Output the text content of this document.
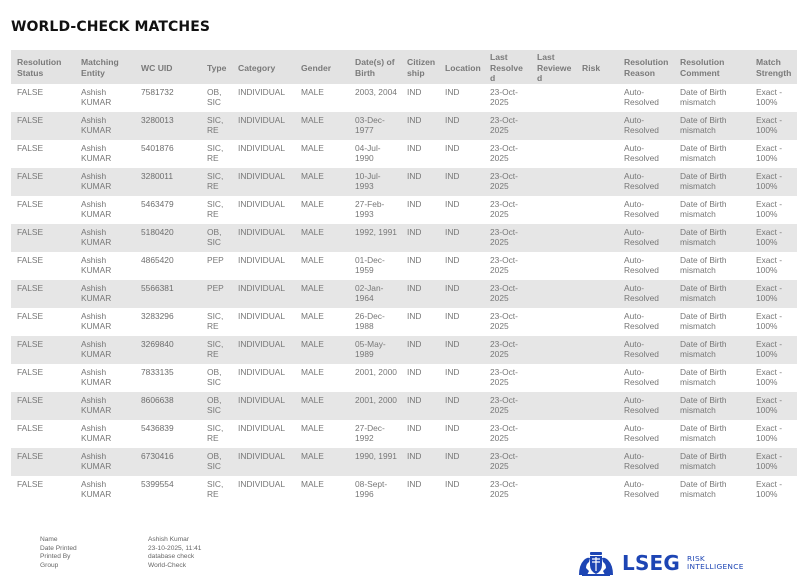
WORLD-CHECK MATCHES
Resolution Status	Matching Entity	WC UID	Type	Category	Gender	Date(s) of Birth	Citizenship	Location	Last Resolved	Last Reviewed	Risk	Resolution Reason	Resolution Comment	Match Strength
FALSE	Ashish KUMAR	7581732	OB, SIC	INDIVIDUAL	MALE	2003, 2004	IND	IND	23-Oct-2025			Auto-Resolved	Date of Birth mismatch	Exact - 100%
FALSE	Ashish KUMAR	3280013	SIC, RE	INDIVIDUAL	MALE	03-Dec-1977	IND	IND	23-Oct-2025			Auto-Resolved	Date of Birth mismatch	Exact - 100%
FALSE	Ashish KUMAR	5401876	SIC, RE	INDIVIDUAL	MALE	04-Jul-1990	IND	IND	23-Oct-2025			Auto-Resolved	Date of Birth mismatch	Exact - 100%
FALSE	Ashish KUMAR	3280011	SIC, RE	INDIVIDUAL	MALE	10-Jul-1993	IND	IND	23-Oct-2025			Auto-Resolved	Date of Birth mismatch	Exact - 100%
FALSE	Ashish KUMAR	5463479	SIC, RE	INDIVIDUAL	MALE	27-Feb-1993	IND	IND	23-Oct-2025			Auto-Resolved	Date of Birth mismatch	Exact - 100%
FALSE	Ashish KUMAR	5180420	OB, SIC	INDIVIDUAL	MALE	1992, 1991	IND	IND	23-Oct-2025			Auto-Resolved	Date of Birth mismatch	Exact - 100%
FALSE	Ashish KUMAR	4865420	PEP	INDIVIDUAL	MALE	01-Dec-1959	IND	IND	23-Oct-2025			Auto-Resolved	Date of Birth mismatch	Exact - 100%
FALSE	Ashish KUMAR	5566381	PEP	INDIVIDUAL	MALE	02-Jan-1964	IND	IND	23-Oct-2025			Auto-Resolved	Date of Birth mismatch	Exact - 100%
FALSE	Ashish KUMAR	3283296	SIC, RE	INDIVIDUAL	MALE	26-Dec-1988	IND	IND	23-Oct-2025			Auto-Resolved	Date of Birth mismatch	Exact - 100%
FALSE	Ashish KUMAR	3269840	SIC, RE	INDIVIDUAL	MALE	05-May-1989	IND	IND	23-Oct-2025			Auto-Resolved	Date of Birth mismatch	Exact - 100%
FALSE	Ashish KUMAR	7833135	OB, SIC	INDIVIDUAL	MALE	2001, 2000	IND	IND	23-Oct-2025			Auto-Resolved	Date of Birth mismatch	Exact - 100%
FALSE	Ashish KUMAR	8606638	OB, SIC	INDIVIDUAL	MALE	2001, 2000	IND	IND	23-Oct-2025			Auto-Resolved	Date of Birth mismatch	Exact - 100%
FALSE	Ashish KUMAR	5436839	SIC, RE	INDIVIDUAL	MALE	27-Dec-1992	IND	IND	23-Oct-2025			Auto-Resolved	Date of Birth mismatch	Exact - 100%
FALSE	Ashish KUMAR	6730416	OB, SIC	INDIVIDUAL	MALE	1990, 1991	IND	IND	23-Oct-2025			Auto-Resolved	Date of Birth mismatch	Exact - 100%
FALSE	Ashish KUMAR	5399554	SIC, RE	INDIVIDUAL	MALE	08-Sept-1996	IND	IND	23-Oct-2025			Auto-Resolved	Date of Birth mismatch	Exact - 100%
Name	Ashish Kumar
Date Printed	23-10-2025, 11:41
Printed By	database check
Group	World-Check	LSEG RISK
INTELLIGENCE
